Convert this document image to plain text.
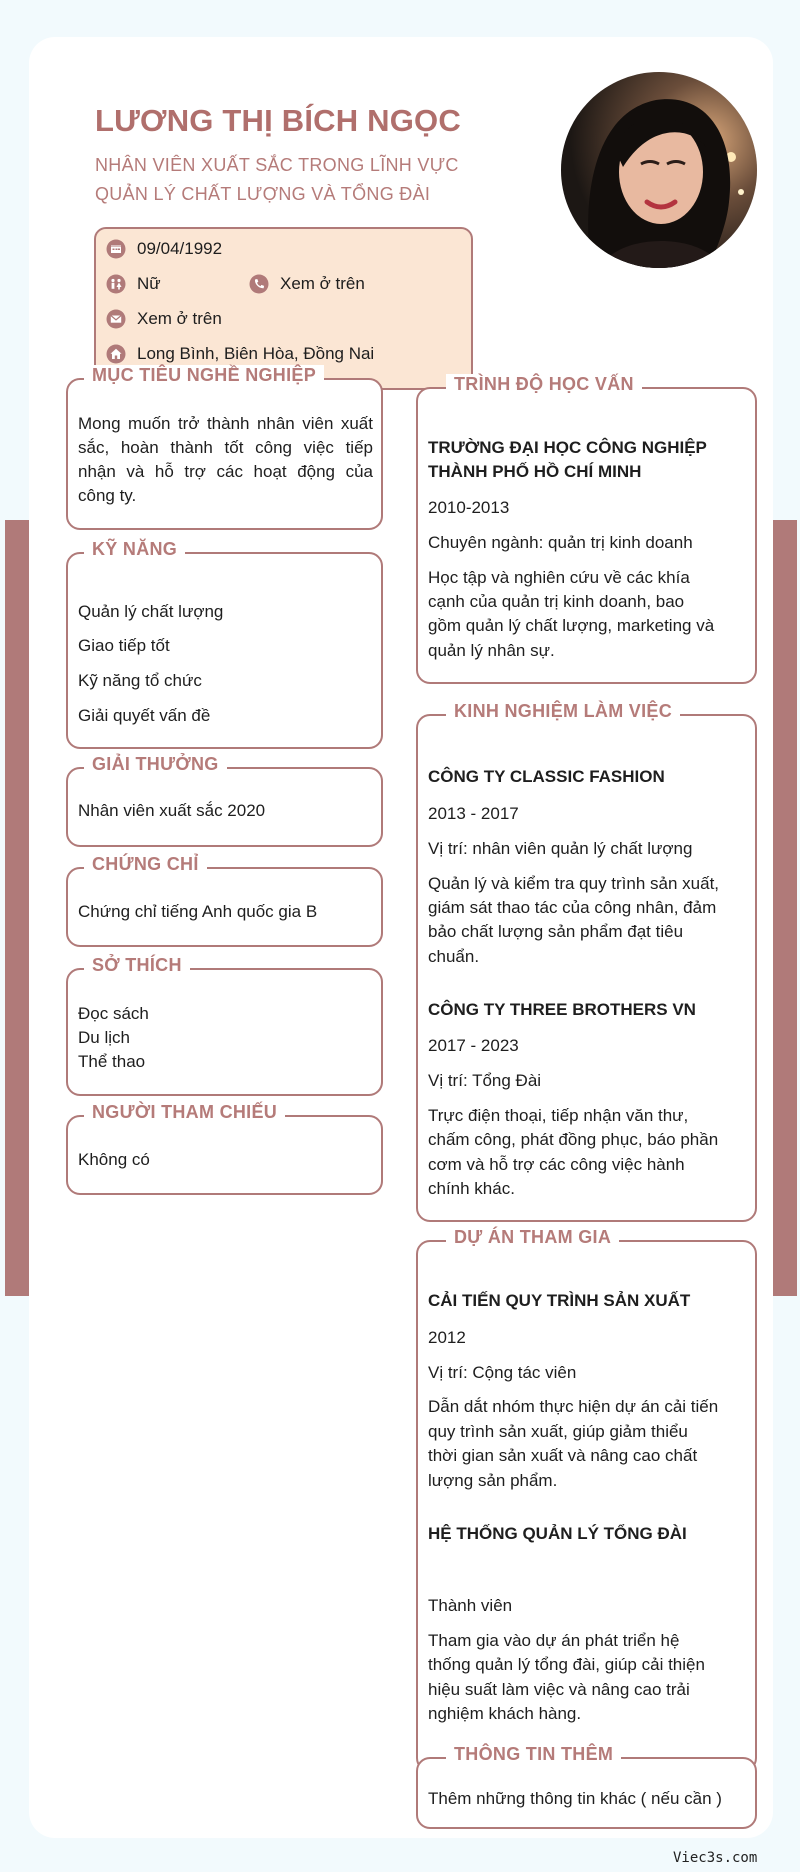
LƯƠNG THỊ BÍCH NGỌC
NHÂN VIÊN XUẤT SẮC TRONG LĨNH VỰC
QUẢN LÝ CHẤT LƯỢNG VÀ TỔNG ĐÀI
09/04/1992
Nữ	Xem ở trên
Xem ở trên
Long Bình, Biên Hòa, Đồng Nai
MỤC TIÊU NGHỀ NGHIỆP
Mong muốn trở thành nhân viên xuất sắc, hoàn thành tốt công việc tiếp nhận và hỗ trợ các hoạt động của công ty.
KỸ NĂNG
Quản lý chất lượng
Giao tiếp tốt
Kỹ năng tổ chức
Giải quyết vấn đề
GIẢI THƯỞNG
Nhân viên xuất sắc 2020
CHỨNG CHỈ
Chứng chỉ tiếng Anh quốc gia B
SỞ THÍCH
Đọc sách
Du lịch
Thể thao
NGƯỜI THAM CHIẾU
Không có
TRÌNH ĐỘ HỌC VẤN
TRƯỜNG ĐẠI HỌC CÔNG NGHIỆP
THÀNH PHỐ HỒ CHÍ MINH
2010-2013
Chuyên ngành: quản trị kinh doanh
Học tập và nghiên cứu về các khía
cạnh của quản trị kinh doanh, bao
gồm quản lý chất lượng, marketing và
quản lý nhân sự.
KINH NGHIỆM LÀM VIỆC
CÔNG TY CLASSIC FASHION
2013 - 2017
Vị trí: nhân viên quản lý chất lượng
Quản lý và kiểm tra quy trình sản xuất,
giám sát thao tác của công nhân, đảm
bảo chất lượng sản phẩm đạt tiêu
chuẩn.
CÔNG TY THREE BROTHERS VN
2017 - 2023
Vị trí: Tổng Đài
Trực điện thoại, tiếp nhận văn thư,
chấm công, phát đồng phục, báo phần
cơm và hỗ trợ các công việc hành
chính khác.
DỰ ÁN THAM GIA
CẢI TIẾN QUY TRÌNH SẢN XUẤT
2012
Vị trí: Cộng tác viên
Dẫn dắt nhóm thực hiện dự án cải tiến
quy trình sản xuất, giúp giảm thiểu
thời gian sản xuất và nâng cao chất
lượng sản phẩm.
HỆ THỐNG QUẢN LÝ TỔNG ĐÀI
Thành viên
Tham gia vào dự án phát triển hệ
thống quản lý tổng đài, giúp cải thiện
hiệu suất làm việc và nâng cao trải
nghiệm khách hàng.
THÔNG TIN THÊM
Thêm những thông tin khác ( nếu cần )
Viec3s.com
